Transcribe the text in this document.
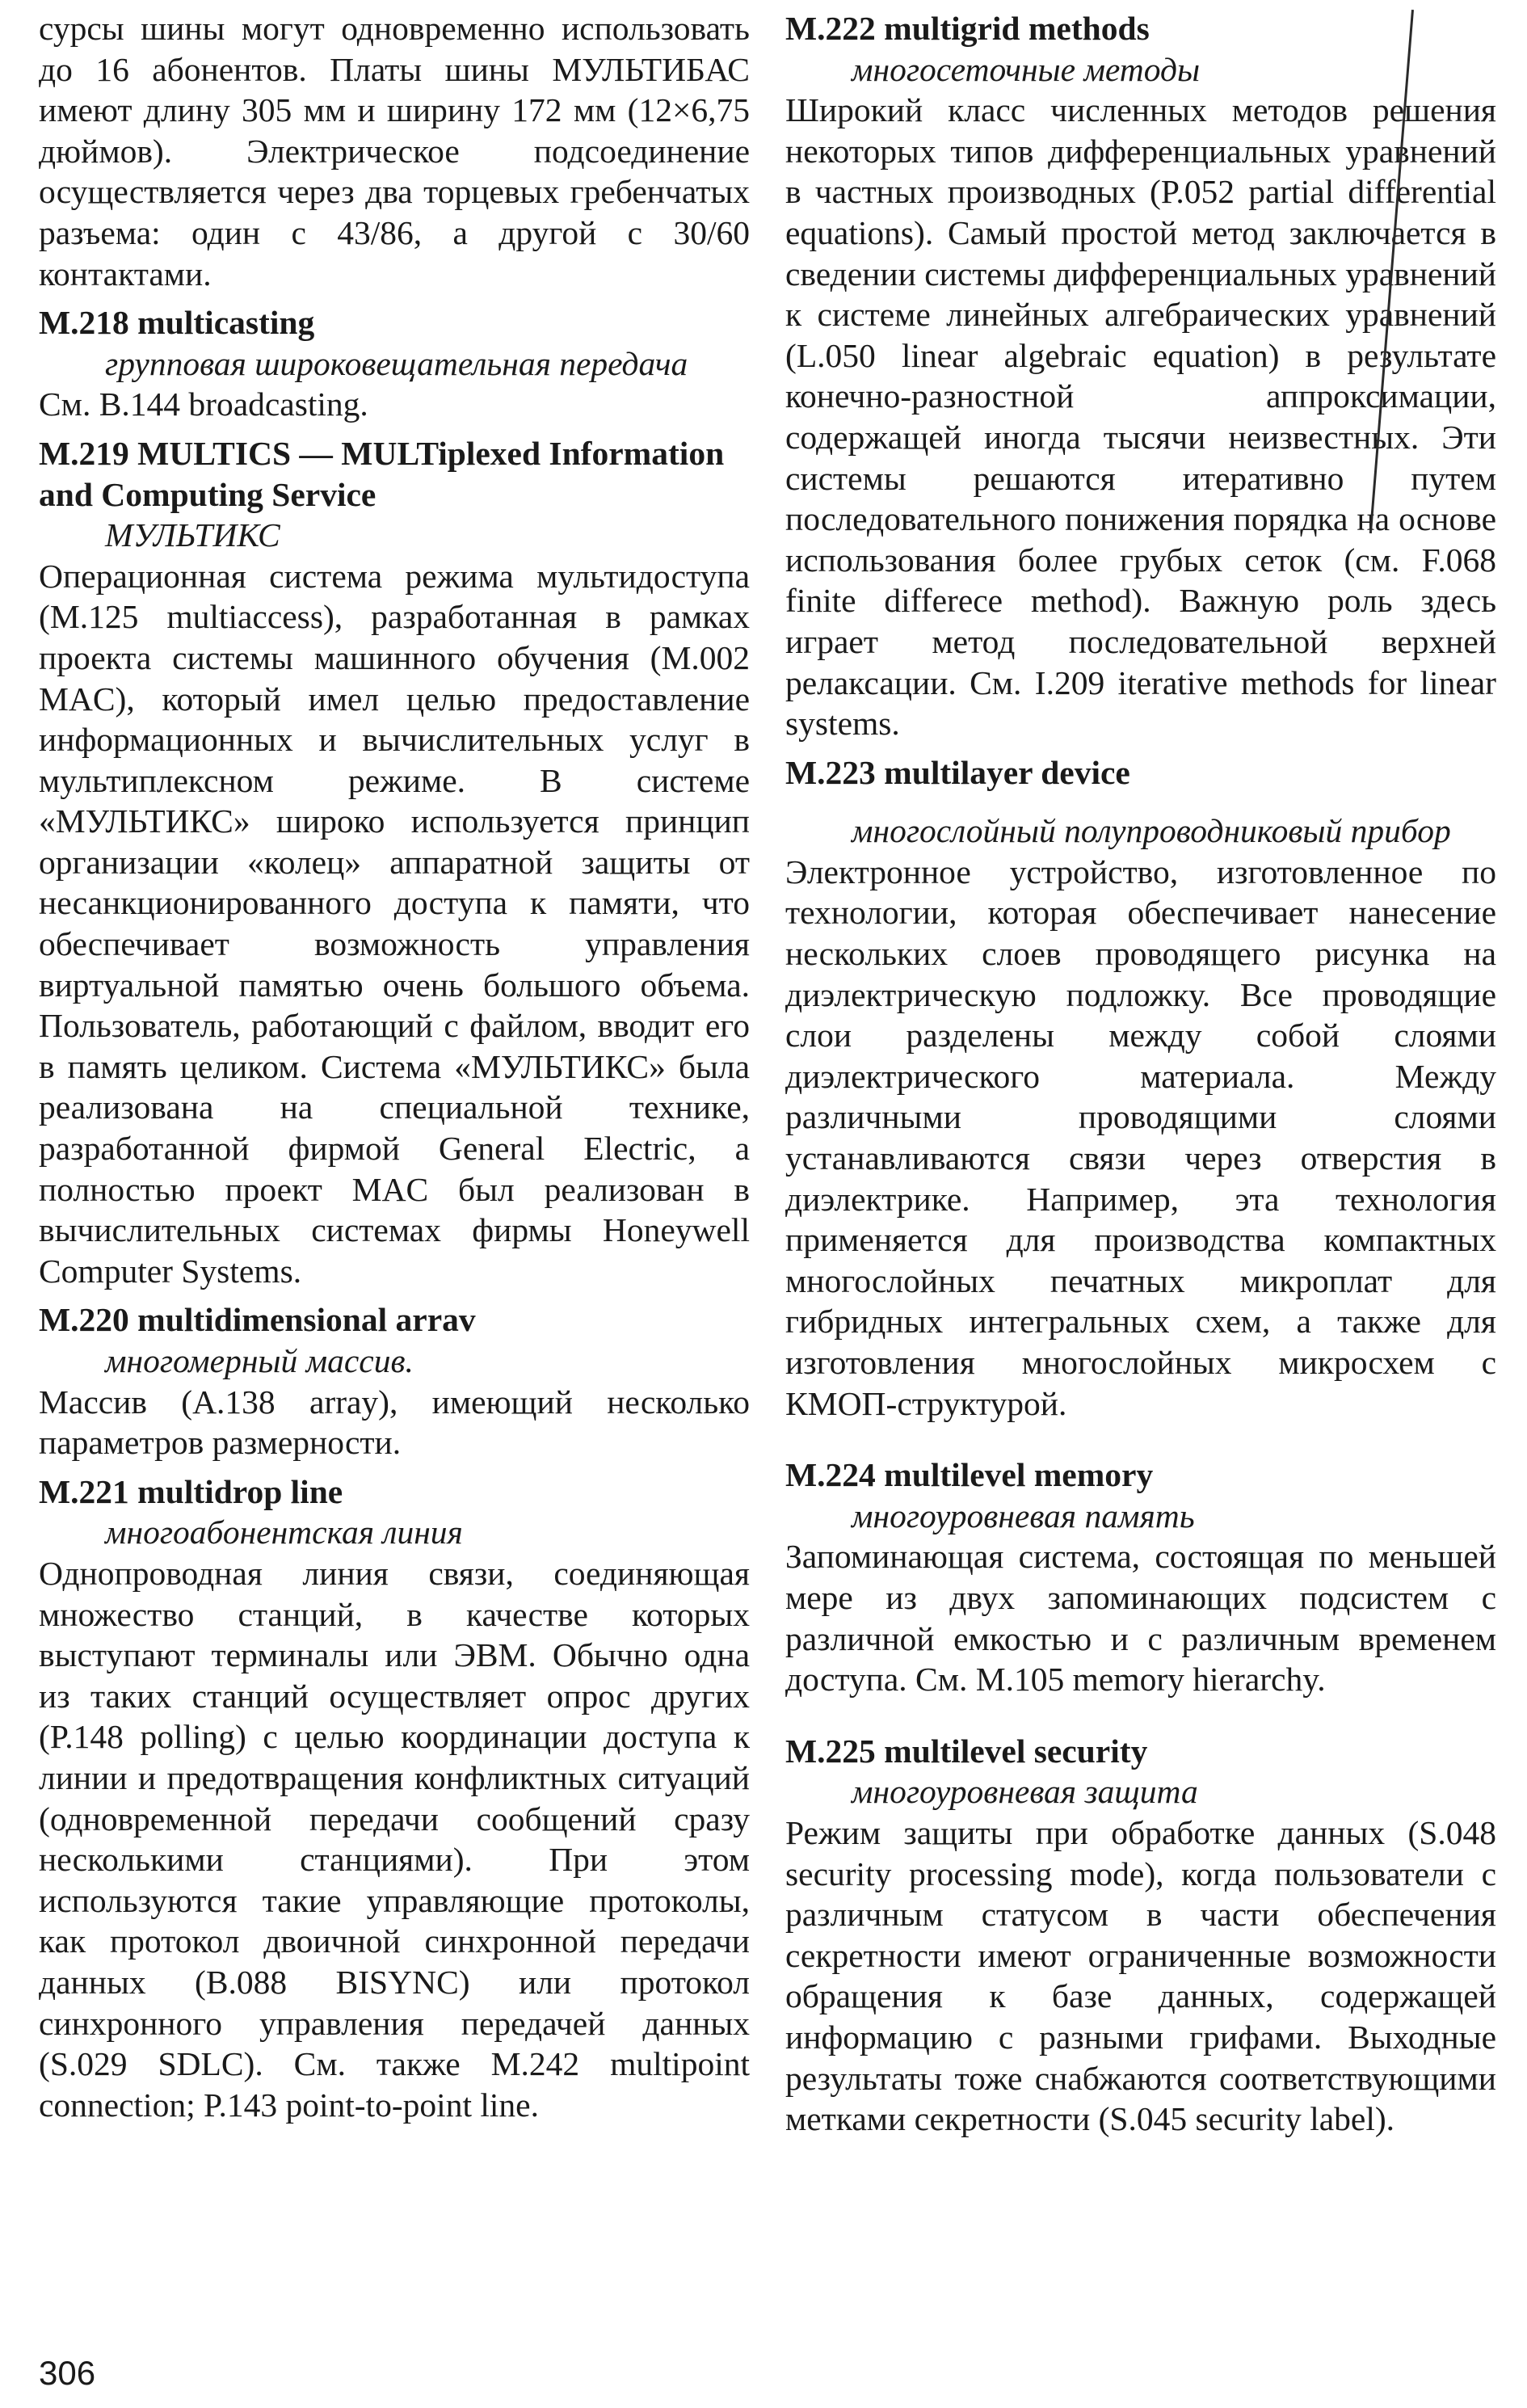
сурсы шины могут одновременно использовать до 16 абонентов. Платы шины МУЛЬТИБАС имеют длину 305 мм и ширину 172 мм (12×6,75 дюймов). Электрическое подсоединение осуществляется через два торцевых гребенчатых разъема: один с 43/86, а другой с 30/60 контактами.

M.218 multicasting

групповая широковещательная передача

См. B.144 broadcasting.

M.219 MULTICS — MULTiplexed Information and Computing Service

МУЛЬТИКС

Операционная система режима мультидоступа (M.125 multiaccess), разработанная в рамках проекта системы машинного обучения (M.002 MAC), который имел целью предоставление информационных и вычислительных услуг в мультиплексном режиме. В системе «МУЛЬТИКС» широко используется принцип организации «колец» аппаратной защиты от несанкционированного доступа к памяти, что обеспечивает возможность управления виртуальной памятью очень большого объема. Пользователь, работающий с файлом, вводит его в память целиком. Система «МУЛЬТИКС» была реализована на специальной технике, разработанной фирмой General Electric, а полностью проект MAC был реализован в вычислительных системах фирмы Honeywell Computer Systems.

M.220 multidimensional arrav

многомерный массив.

Массив (A.138 array), имеющий несколько параметров размерности.

M.221 multidrop line

многоабонентская линия

Однопроводная линия связи, соединяющая множество станций, в качестве которых выступают терминалы или ЭВМ. Обычно одна из таких станций осуществляет опрос других (P.148 polling) с целью координации доступа к линии и предотвращения конфликтных ситуаций (одновременной передачи сообщений сразу несколькими станциями). При этом используются такие управляющие протоколы, как протокол двоичной синхронной передачи данных (B.088 BISYNC) или протокол синхронного управления передачей данных (S.029 SDLC). См. также M.242 multipoint connection; P.143 point-to-point line.

M.222 multigrid methods

многосеточные методы

Широкий класс численных методов решения некоторых типов дифференциальных уравнений в частных производных (P.052 partial differential equations). Самый простой метод заключается в сведении системы дифференциальных уравнений к системе линейных алгебраических уравнений (L.050 linear algebraic equation) в результате конечно-разностной аппроксимации, содержащей иногда тысячи неизвестных. Эти системы решаются итеративно путем последовательного понижения порядка на основе использования более грубых сеток (см. F.068 finite differece method). Важную роль здесь играет метод последовательной верхней релаксации. См. I.209 iterative methods for linear systems.

M.223 multilayer device

многослойный полупроводниковый прибор

Электронное устройство, изготовленное по технологии, которая обеспечивает нанесение нескольких слоев проводящего рисунка на диэлектрическую подложку. Все проводящие слои разделены между собой слоями диэлектрического материала. Между различными проводящими слоями устанавливаются связи через отверстия в диэлектрике. Например, эта технология применяется для производства компактных многослойных печатных микроплат для гибридных интегральных схем, а также для изготовления многослойных микросхем с КМОП-структурой.

M.224 multilevel memory

многоуровневая память

Запоминающая система, состоящая по меньшей мере из двух запоминающих подсистем с различной емкостью и с различным временем доступа. См. M.105 memory hierarchy.

M.225 multilevel security

многоуровневая защита

Режим защиты при обработке данных (S.048 security processing mode), когда пользователи с различным статусом в части обеспечения секретности имеют ограниченные возможности обращения к базе данных, содержащей информацию с разными грифами. Выходные результаты тоже снабжаются соответствующими метками секретности (S.045 security label).

306
